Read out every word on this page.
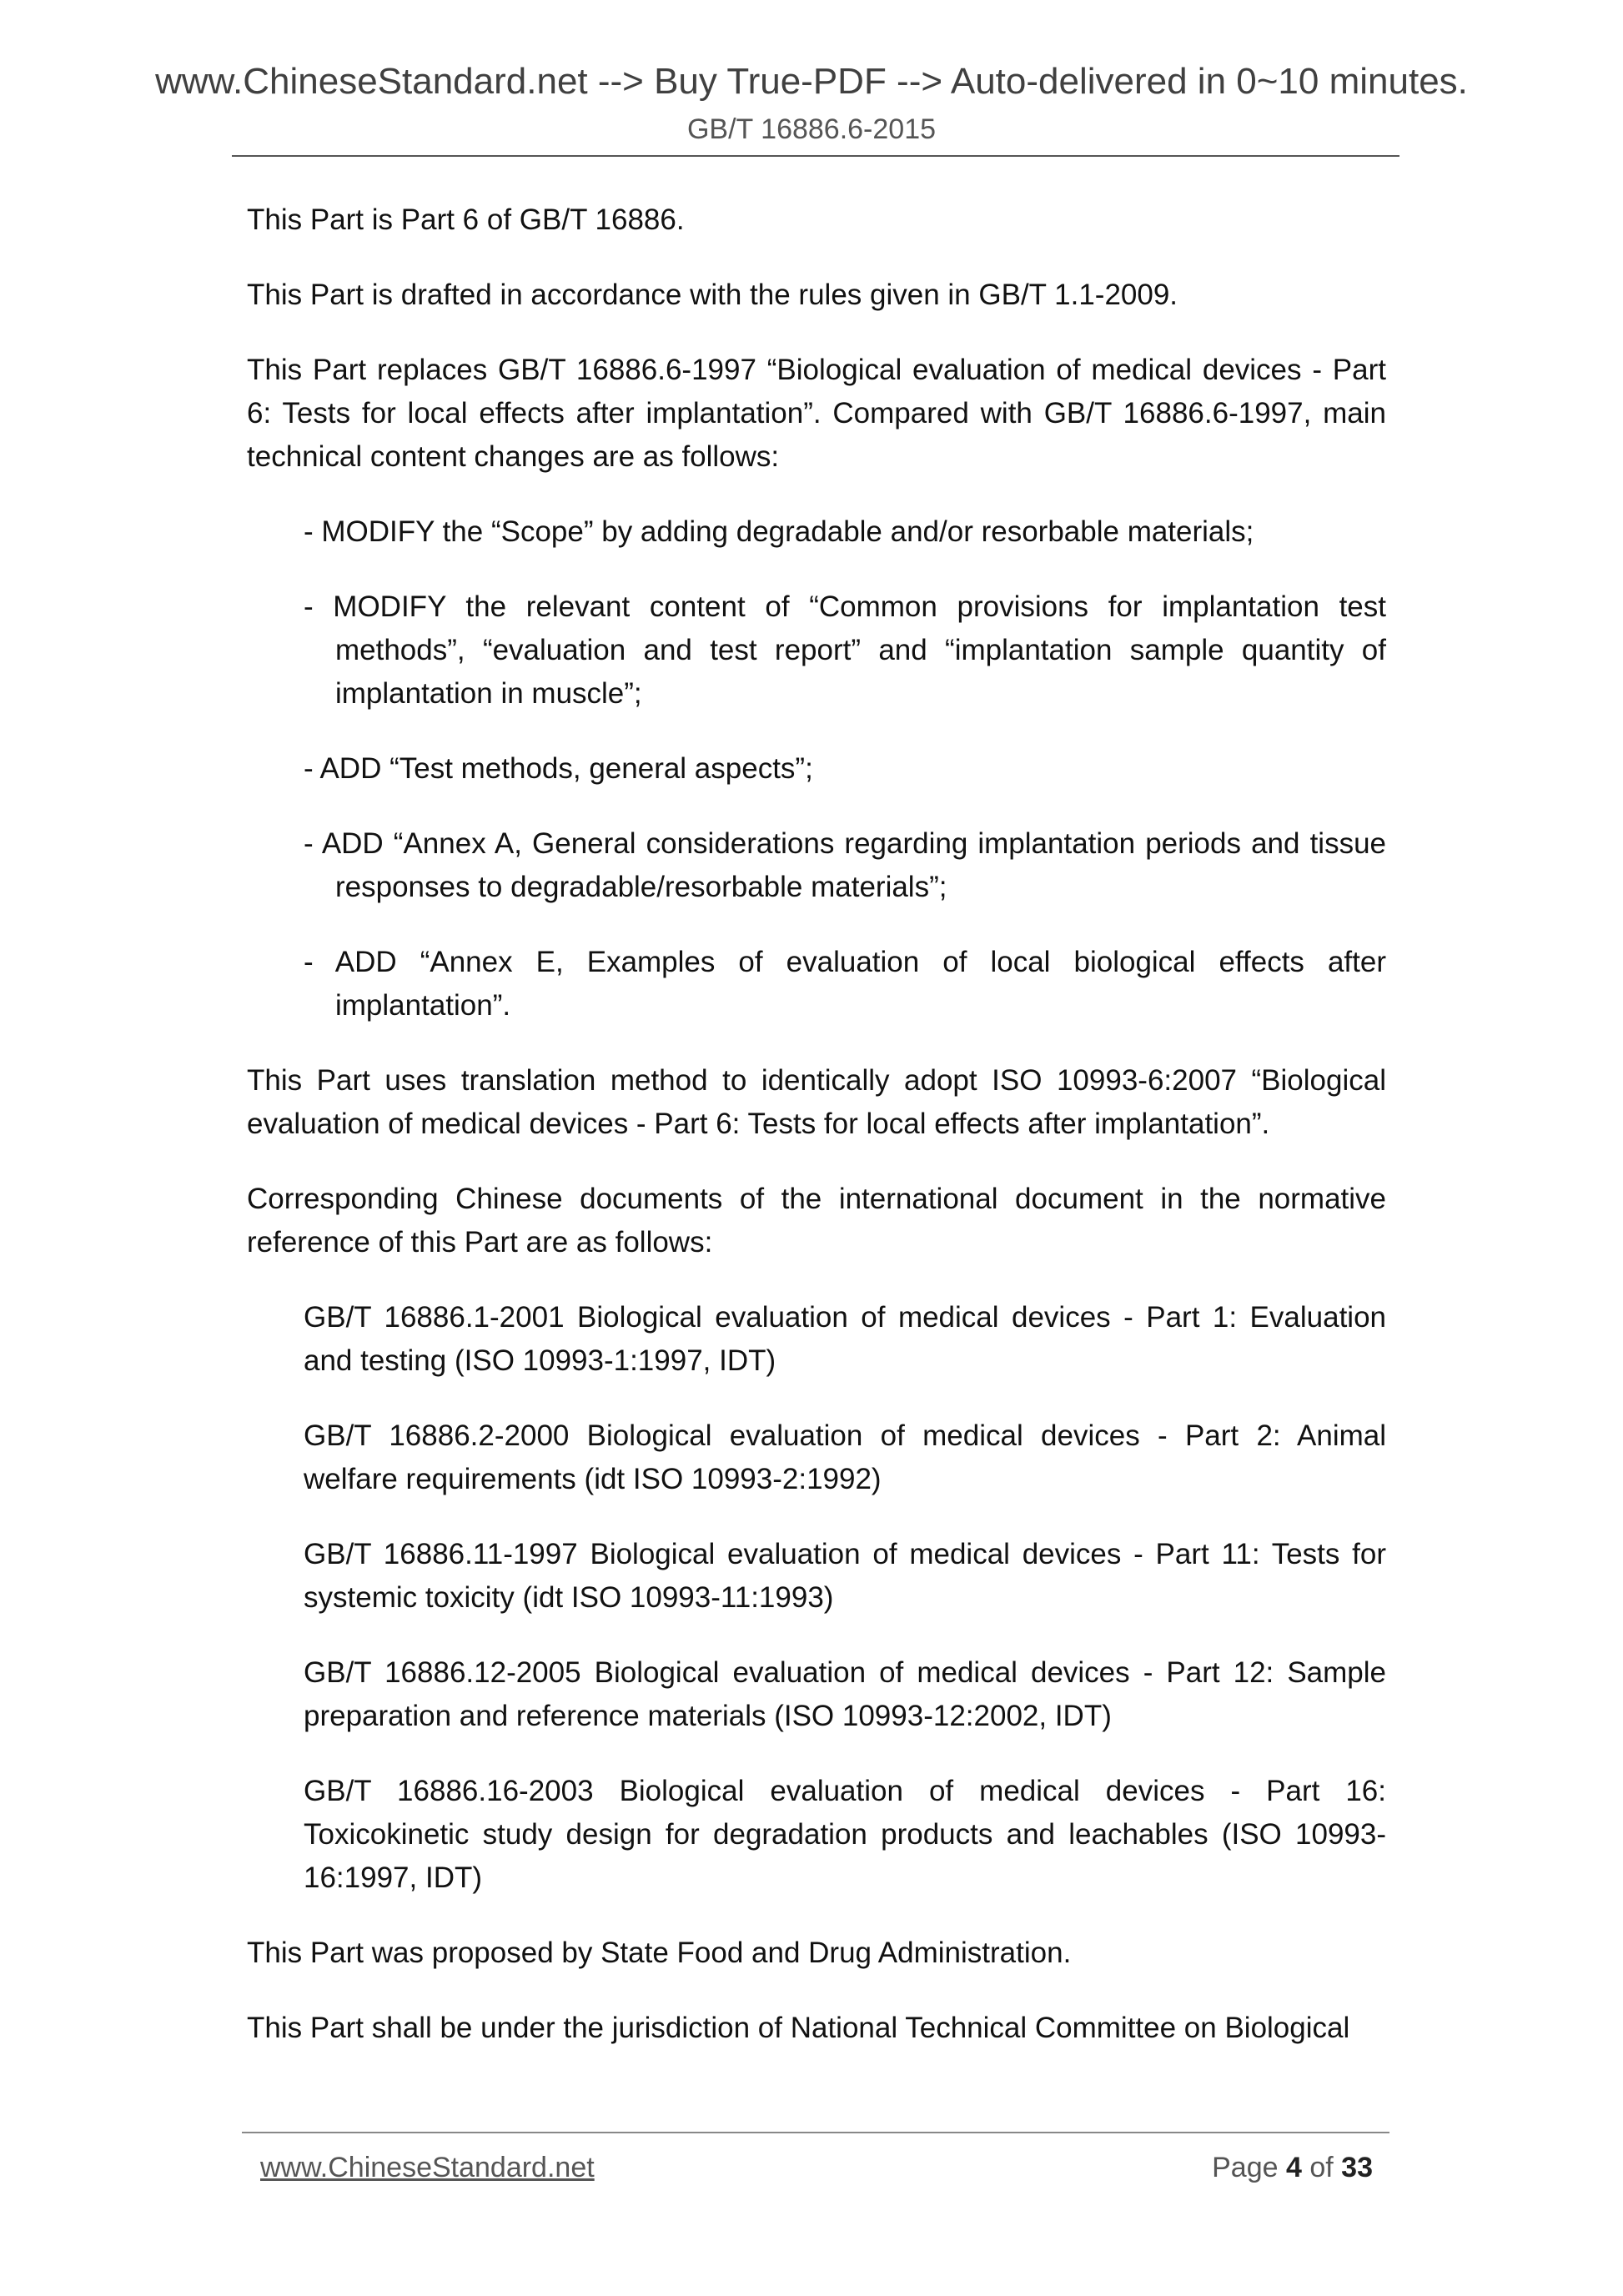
www.ChineseStandard.net --> Buy True-PDF --> Auto-delivered in 0~10 minutes.

GB/T 16886.6-2015

This Part is Part 6 of GB/T 16886.

This Part is drafted in accordance with the rules given in GB/T 1.1-2009.

This Part replaces GB/T 16886.6-1997 “Biological evaluation of medical devices - Part 6: Tests for local effects after implantation”. Compared with GB/T 16886.6-1997, main technical content changes are as follows:

- MODIFY the “Scope” by adding degradable and/or resorbable materials;
- MODIFY the relevant content of “Common provisions for implantation test methods”, “evaluation and test report” and “implantation sample quantity of implantation in muscle”;
- ADD “Test methods, general aspects”;
- ADD “Annex A, General considerations regarding implantation periods and tissue responses to degradable/resorbable materials”;
- ADD “Annex E, Examples of evaluation of local biological effects after implantation”.

This Part uses translation method to identically adopt ISO 10993-6:2007 “Biological evaluation of medical devices - Part 6: Tests for local effects after implantation”.

Corresponding Chinese documents of the international document in the normative reference of this Part are as follows:

GB/T 16886.1-2001 Biological evaluation of medical devices - Part 1: Evaluation and testing (ISO 10993-1:1997, IDT)
GB/T 16886.2-2000 Biological evaluation of medical devices - Part 2: Animal welfare requirements (idt ISO 10993-2:1992)
GB/T 16886.11-1997 Biological evaluation of medical devices - Part 11: Tests for systemic toxicity (idt ISO 10993-11:1993)
GB/T 16886.12-2005 Biological evaluation of medical devices - Part 12: Sample preparation and reference materials (ISO 10993-12:2002, IDT)
GB/T 16886.16-2003 Biological evaluation of medical devices - Part 16: Toxicokinetic study design for degradation products and leachables (ISO 10993-16:1997, IDT)

This Part was proposed by State Food and Drug Administration.

This Part shall be under the jurisdiction of National Technical Committee on Biological

www.ChineseStandard.net	Page 4 of 33
